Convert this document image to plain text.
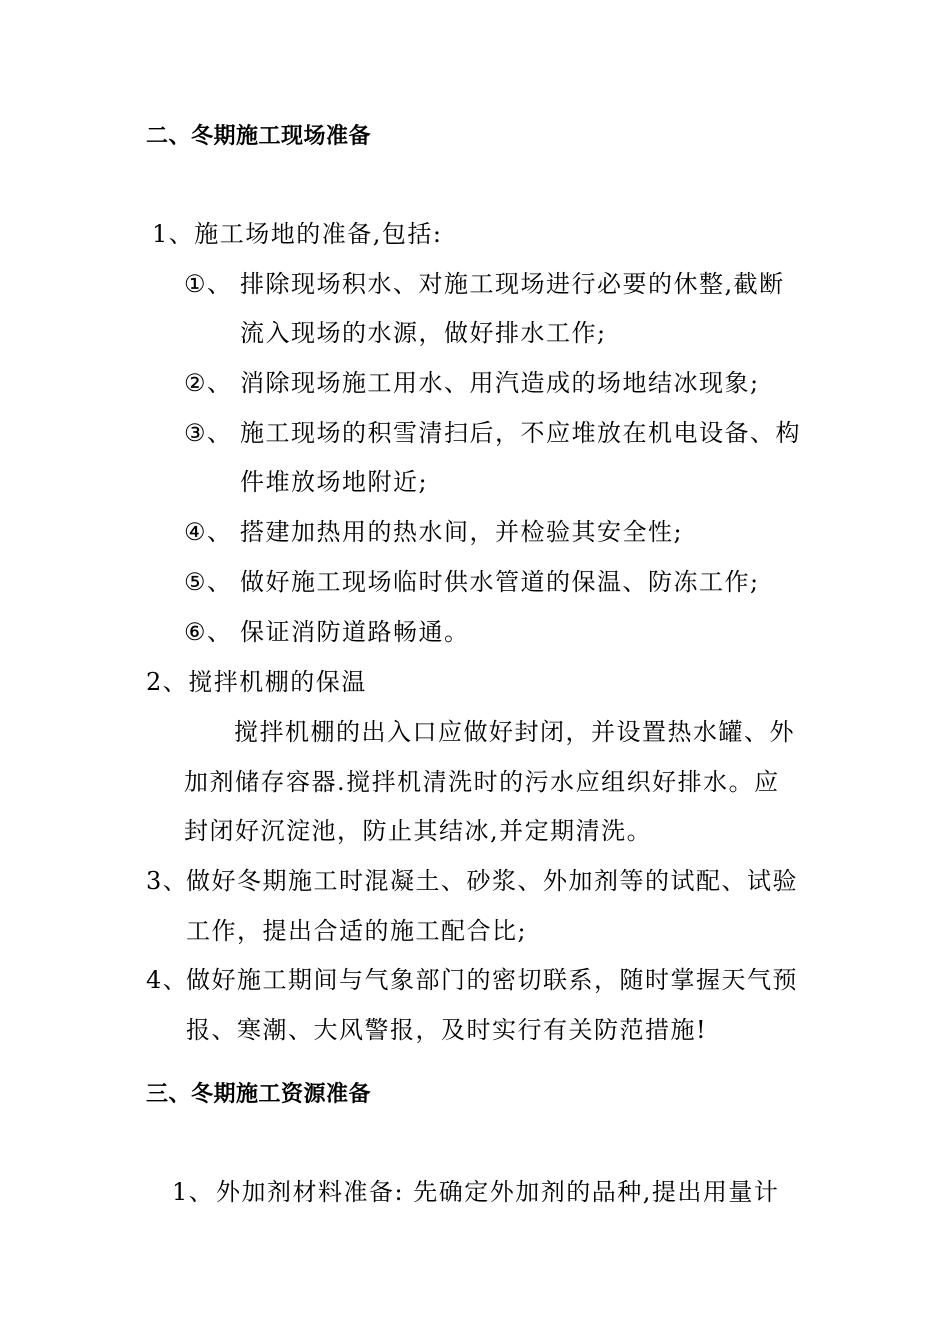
二、冬期施工现场准备
1、施工场地的准备,包括:
①、 排除现场积水、对施工现场进行必要的休整,截断
流入现场的水源，做好排水工作;
②、 消除现场施工用水、用汽造成的场地结冰现象;
③、 施工现场的积雪清扫后，不应堆放在机电设备、构
件堆放场地附近;
④、 搭建加热用的热水间，并检验其安全性;
⑤、 做好施工现场临时供水管道的保温、防冻工作;
⑥、 保证消防道路畅通。
2、搅拌机棚的保温
搅拌机棚的出入口应做好封闭，并设置热水罐、外
加剂储存容器.搅拌机清洗时的污水应组织好排水。应
封闭好沉淀池，防止其结冰,并定期清洗。
3、
做好冬期施工时混凝土、砂浆、外加剂等的试配、试验
工作，提出合适的施工配合比;
4、
做好施工期间与气象部门的密切联系，随时掌握天气预
报、寒潮、大风警报，及时实行有关防范措施!
三、冬期施工资源准备
1、 外加剂材料准备: 先确定外加剂的品种,提出用量计
